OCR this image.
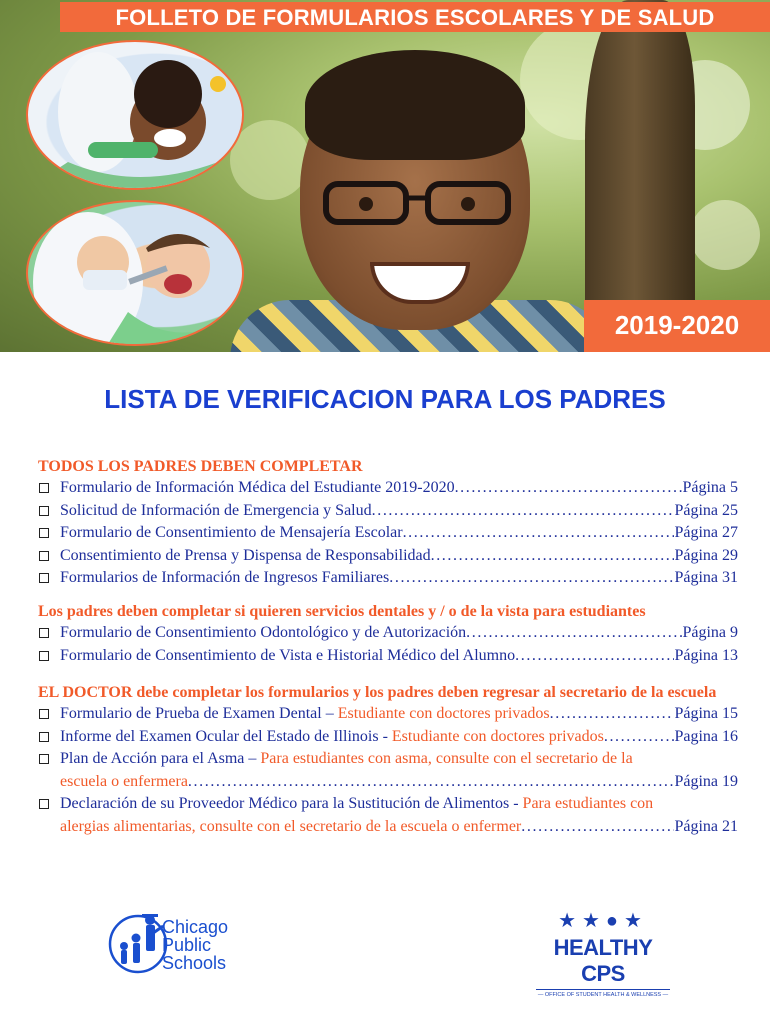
FOLLETO DE FORMULARIOS ESCOLARES Y DE SALUD
2019-2020
LISTA DE VERIFICACION PARA LOS PADRES
TODOS LOS PADRES DEBEN COMPLETAR
Formulario de Información Médica del Estudiante 2019-2020 . . .	Página 5
Solicitud de Información de Emergencia y Salud . . .	Página 25
Formulario de Consentimiento de Mensajería Escolar . . .	Página 27
Consentimiento de Prensa y Dispensa de Responsabilidad . . .	Página 29
Formularios de Información de Ingresos Familiares . . .	Página 31
Los padres deben completar si quieren servicios dentales y / o de la vista para estudiantes
Formulario de Consentimiento Odontológico y de Autorización . . .	Página 9
Formulario de Consentimiento de Vista e Historial Médico del Alumno . . .	Página 13
EL DOCTOR debe completar los formularios y los padres deben regresar al secretario de la escuela
Formulario de Prueba de Examen Dental –
Estudiante con doctores privados . . .	Página 15
Informe del Examen Ocular del Estado de Illinois -
Estudiante con doctores privados . . .	Pagina 16
Plan de Acción para el Asma –
Para estudiantes con asma, consulte con el secretario de la
escuela o enfermera . . .	Página 19
Declaración de su Proveedor Médico para la Sustitución de Alimentos -
Para estudiantes con
alergias alimentarias, consulte con el secretario de la escuela o enfermer . . .	Página 21
Chicago
Public
Schools
★★●★
HEALTHY CPS
— OFFICE OF STUDENT HEALTH & WELLNESS —
